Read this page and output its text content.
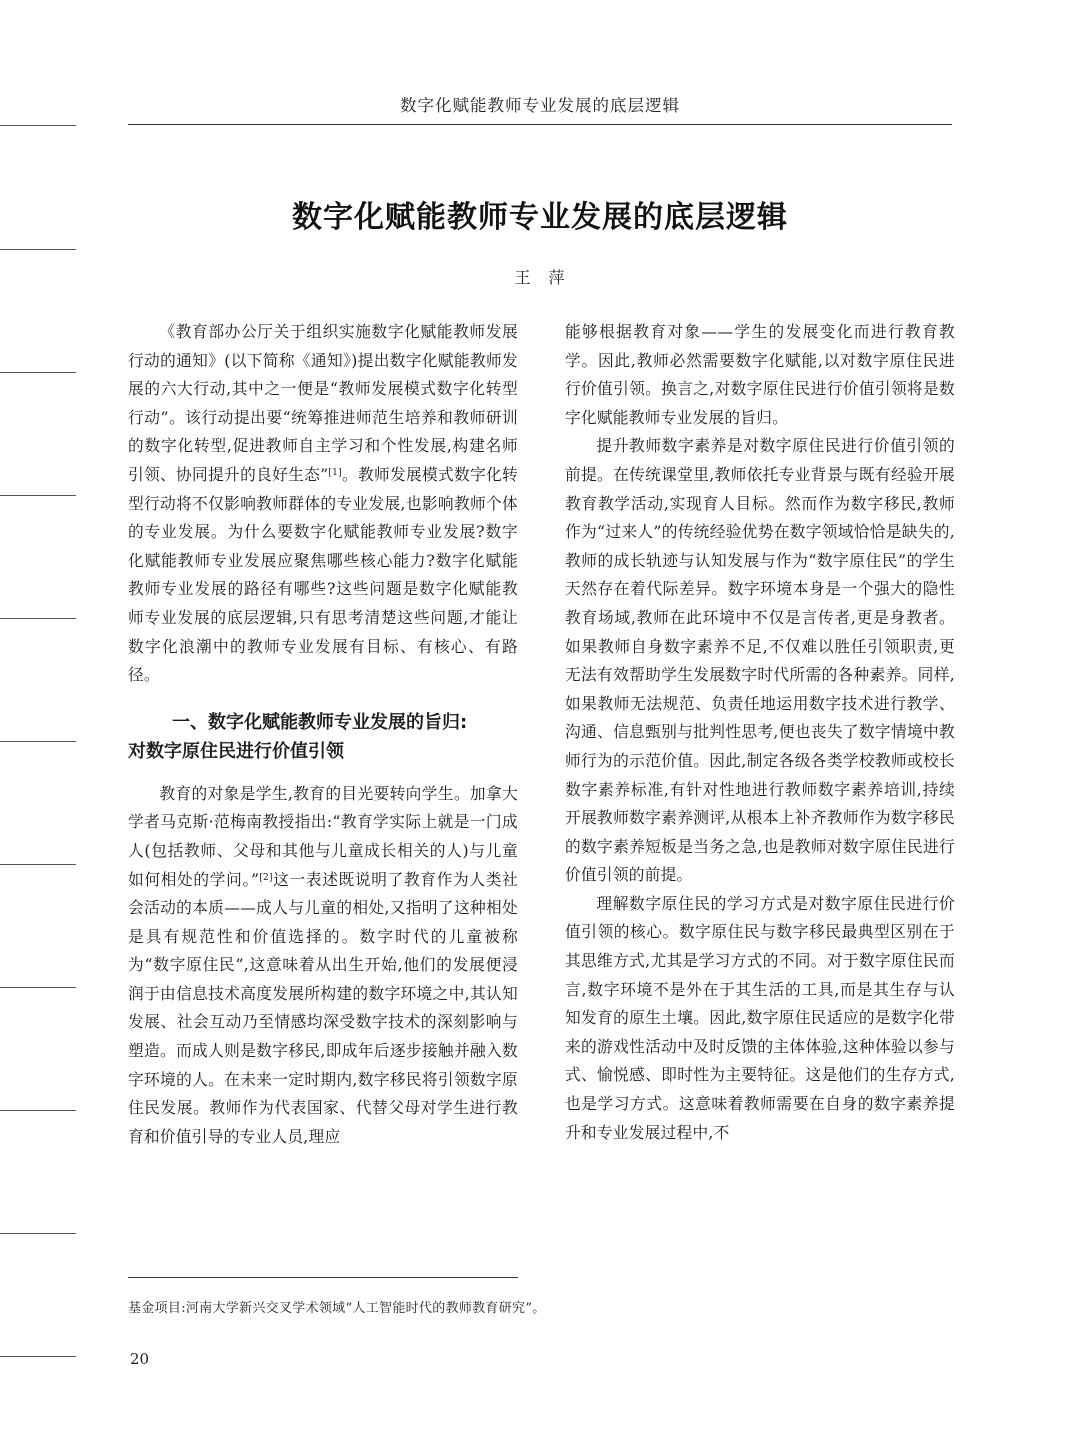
数字化赋能教师专业发展的底层逻辑
数字化赋能教师专业发展的底层逻辑
王　萍

《教育部办公厅关于组织实施数字化赋能教师发展行动的通知》(以下简称《通知》)提出数字化赋能教师发展的六大行动,其中之一便是“教师发展模式数字化转型行动”。该行动提出要“统筹推进师范生培养和教师研训的数字化转型,促进教师自主学习和个性发展,构建名师引领、协同提升的良好生态”[1]。教师发展模式数字化转型行动将不仅影响教师群体的专业发展,也影响教师个体的专业发展。为什么要数字化赋能教师专业发展?数字化赋能教师专业发展应聚焦哪些核心能力?数字化赋能教师专业发展的路径有哪些?这些问题是数字化赋能教师专业发展的底层逻辑,只有思考清楚这些问题,才能让数字化浪潮中的教师专业发展有目标、有核心、有路径。

一、数字化赋能教师专业发展的旨归:
对数字原住民进行价值引领

教育的对象是学生,教育的目光要转向学生。加拿大学者马克斯·范梅南教授指出:“教育学实际上就是一门成人(包括教师、父母和其他与儿童成长相关的人)与儿童如何相处的学问。”[2]这一表述既说明了教育作为人类社会活动的本质——成人与儿童的相处,又指明了这种相处是具有规范性和价值选择的。数字时代的儿童被称为“数字原住民”,这意味着从出生开始,他们的发展便浸润于由信息技术高度发展所构建的数字环境之中,其认知发展、社会互动乃至情感均深受数字技术的深刻影响与塑造。而成人则是数字移民,即成年后逐步接触并融入数字环境的人。在未来一定时期内,数字移民将引领数字原住民发展。教师作为代表国家、代替父母对学生进行教育和价值引导的专业人员,理应

能够根据教育对象——学生的发展变化而进行教育教学。因此,教师必然需要数字化赋能,以对数字原住民进行价值引领。换言之,对数字原住民进行价值引领将是数字化赋能教师专业发展的旨归。

提升教师数字素养是对数字原住民进行价值引领的前提。在传统课堂里,教师依托专业背景与既有经验开展教育教学活动,实现育人目标。然而作为数字移民,教师作为“过来人”的传统经验优势在数字领域恰恰是缺失的,教师的成长轨迹与认知发展与作为“数字原住民”的学生天然存在着代际差异。数字环境本身是一个强大的隐性教育场域,教师在此环境中不仅是言传者,更是身教者。如果教师自身数字素养不足,不仅难以胜任引领职责,更无法有效帮助学生发展数字时代所需的各种素养。同样,如果教师无法规范、负责任地运用数字技术进行教学、沟通、信息甄别与批判性思考,便也丧失了数字情境中教师行为的示范价值。因此,制定各级各类学校教师或校长数字素养标准,有针对性地进行教师数字素养培训,持续开展教师数字素养测评,从根本上补齐教师作为数字移民的数字素养短板是当务之急,也是教师对数字原住民进行价值引领的前提。

理解数字原住民的学习方式是对数字原住民进行价值引领的核心。数字原住民与数字移民最典型区别在于其思维方式,尤其是学习方式的不同。对于数字原住民而言,数字环境不是外在于其生活的工具,而是其生存与认知发育的原生土壤。因此,数字原住民适应的是数字化带来的游戏性活动中及时反馈的主体体验,这种体验以参与式、愉悦感、即时性为主要特征。这是他们的生存方式,也是学习方式。这意味着教师需要在自身的数字素养提升和专业发展过程中,不

基金项目:河南大学新兴交叉学术领域“人工智能时代的教师教育研究”。
20
